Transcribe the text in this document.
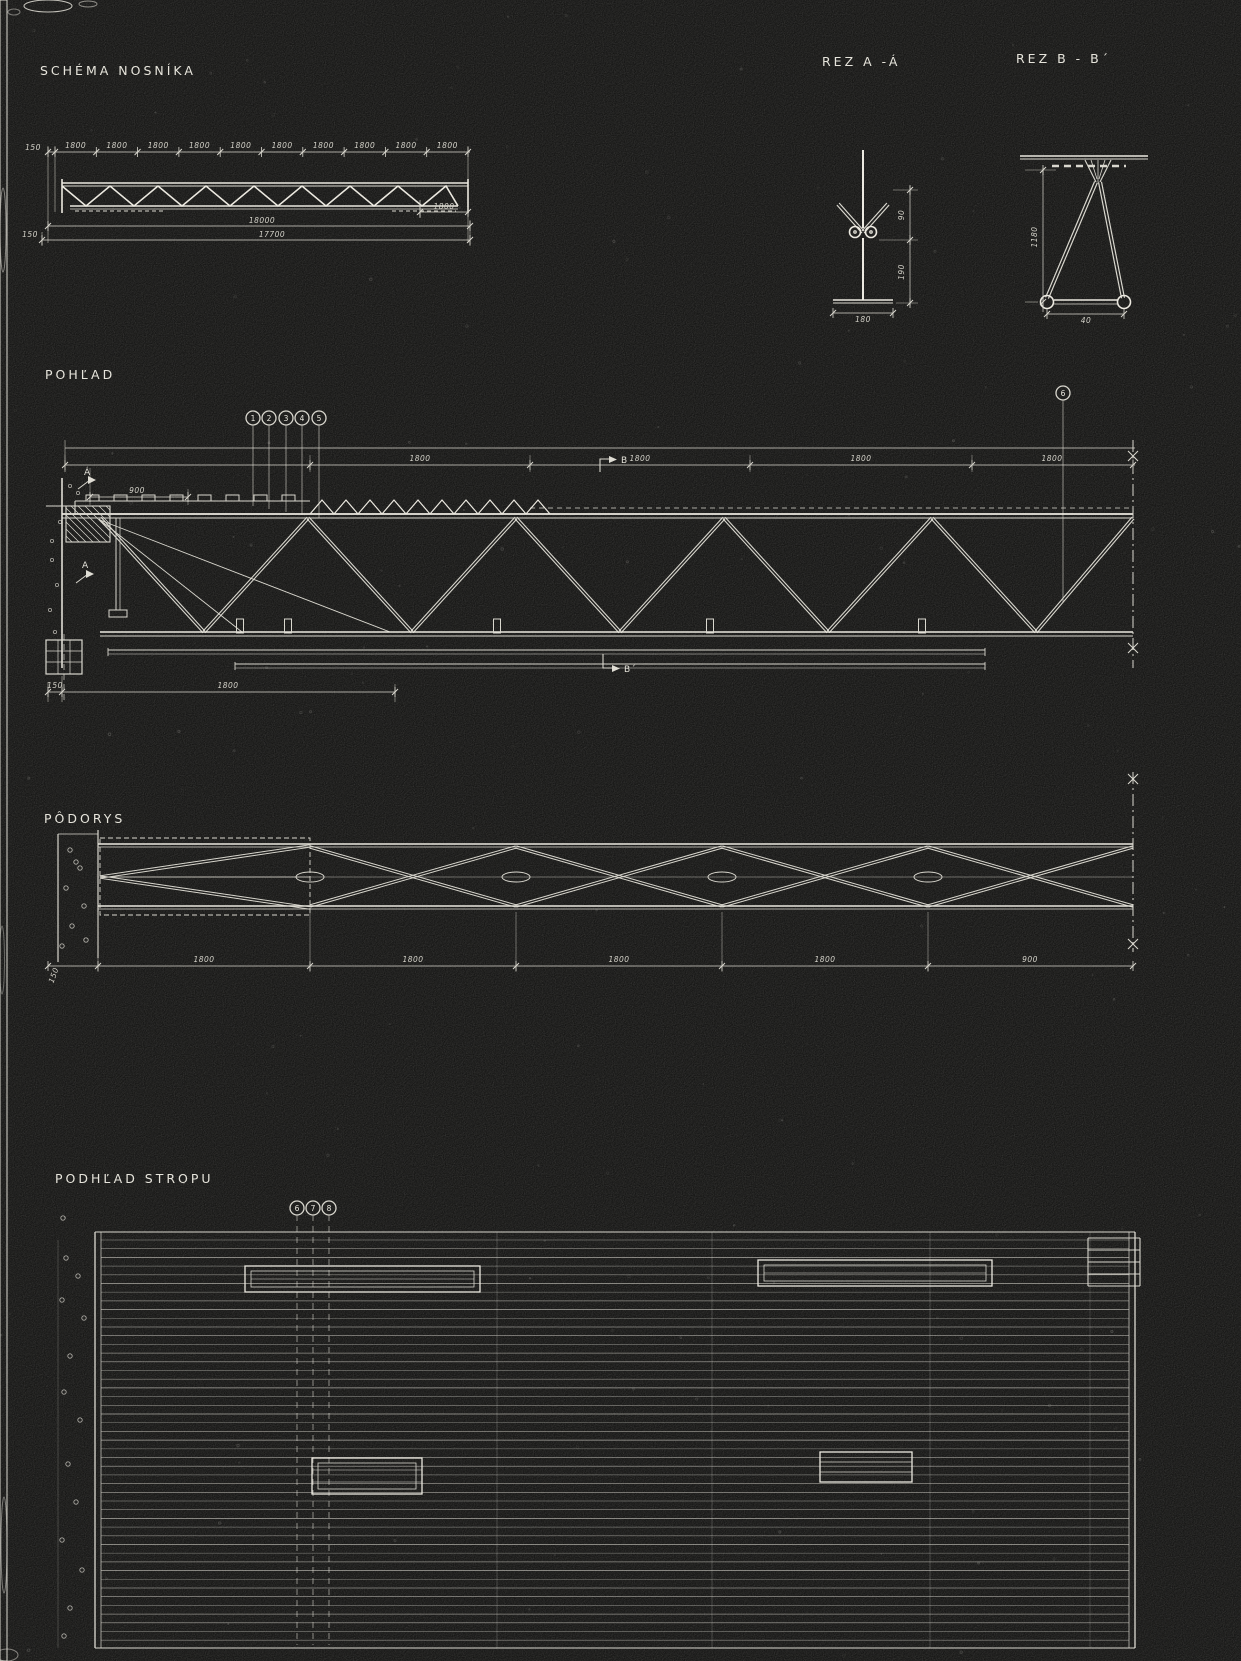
SCHÉMA NOSNÍKA
150	1800	1800	1800	1800	1800	1800	1800	1800	1800	1800
1800
18000
17700
150
REZ A -Á
90
190
180
REZ B - B´
1180
40
POHĽAD
1 2 3 4 5
6
1800	1800	1800	1800
900
B
B´
Á
A
150	1800
PÔDORYS
1800	1800	1800	1800
150
900
PODHĽAD STROPU
6 7 8
